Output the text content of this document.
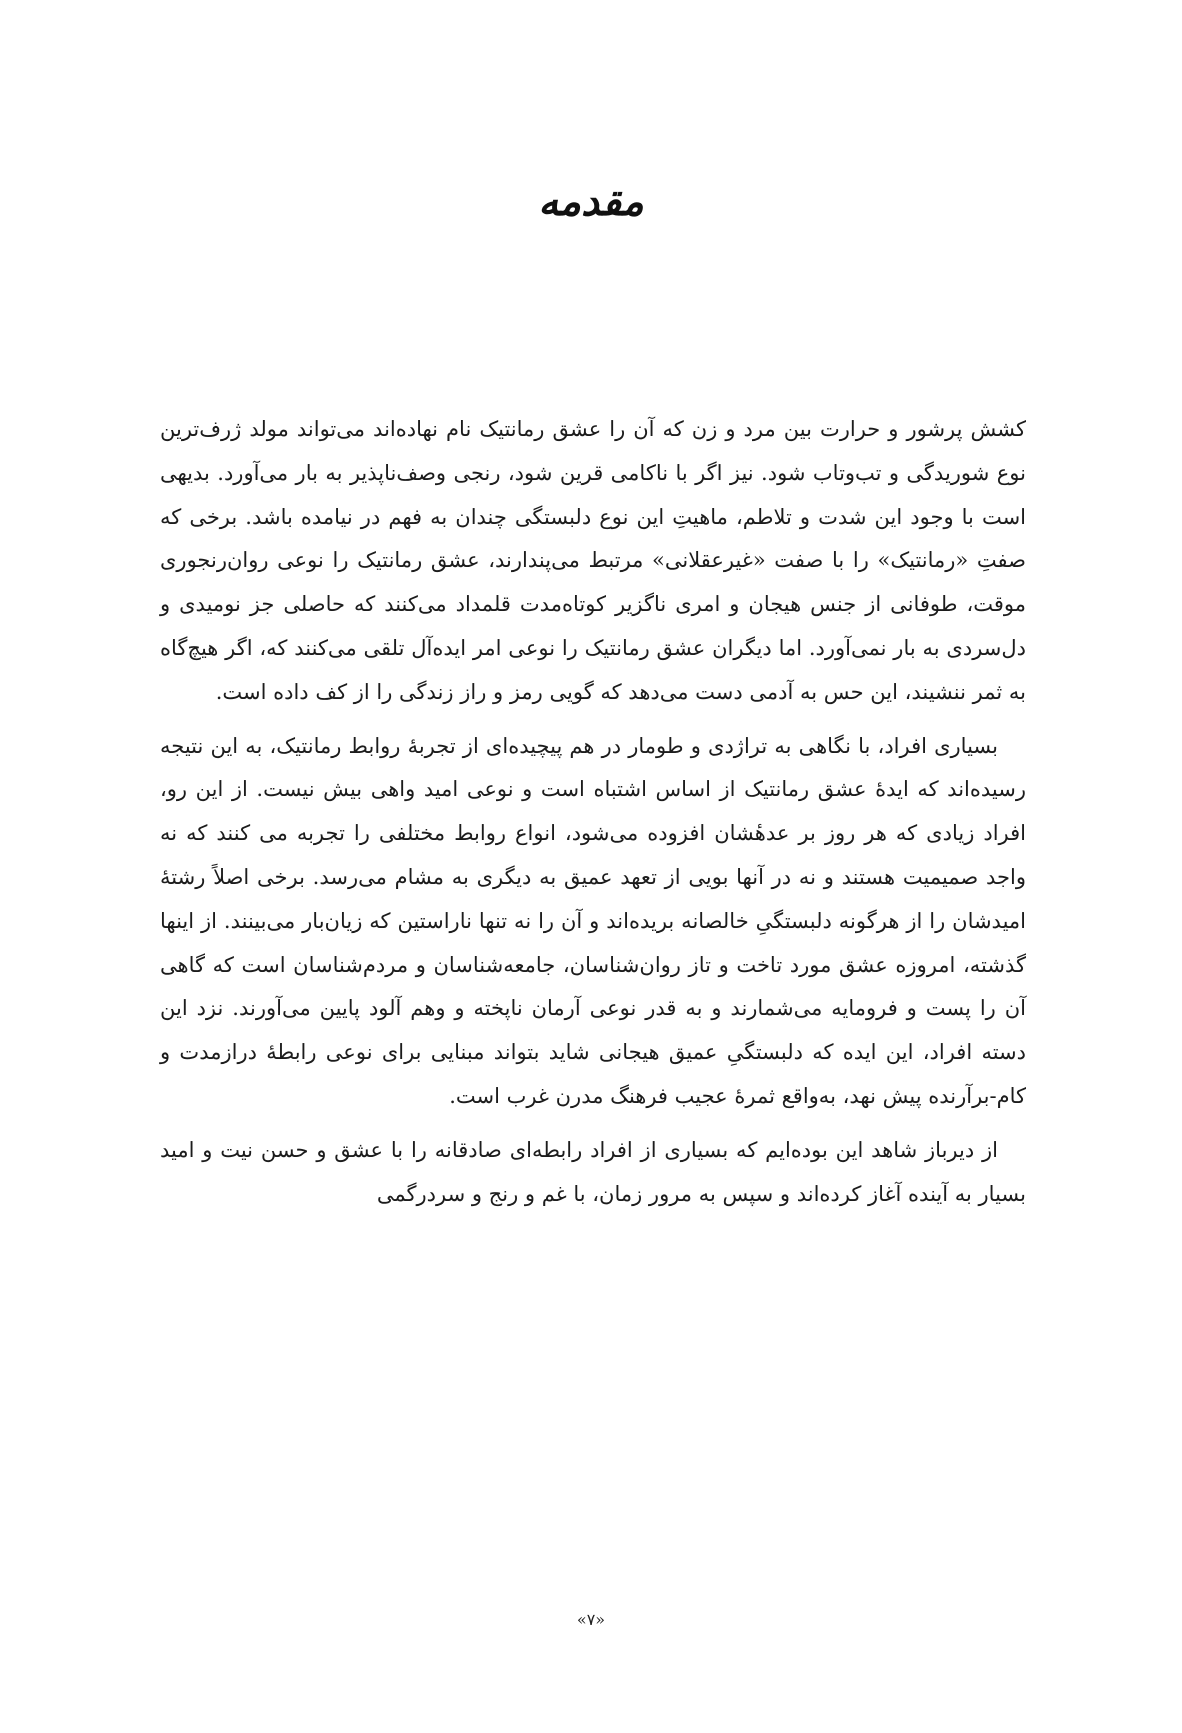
مقدمه

کشش پرشور و حرارت بین مرد و زن که آن را عشق رمانتیک نام نهاده‌اند می‌تواند مولد ژرف‌ترین نوع شوریدگی و تب‌وتاب شود. نیز اگر با ناکامی قرین شود، رنجی وصف‌ناپذیر به بار می‌آورد. بدیهی است با وجود این شدت و تلاطم، ماهیتِ این نوع دلبستگی چندان به فهم در نیامده باشد. برخی که صفتِ «رمانتیک» را با صفت «غیرعقلانی» مرتبط می‌پندارند، عشق رمانتیک را نوعی روان‌رنجوری موقت، طوفانی از جنس هیجان و امری ناگزیر کوتاه‌مدت قلمداد می‌کنند که حاصلی جز نومیدی و دل‌سردی به بار نمی‌آورد. اما دیگران عشق رمانتیک را نوعی امر ایده‌آل تلقی می‌کنند که، اگر هیچ‌گاه به ثمر ننشیند، این حس به آدمی دست می‌دهد که گویی رمز و راز زندگی را از کف داده است.

بسیاری افراد، با نگاهی به تراژدی و طومار در هم پیچیده‌ای از تجربهٔ روابط رمانتیک، به این نتیجه رسیده‌اند که ایدهٔ عشق رمانتیک از اساس اشتباه است و نوعی امید واهی بیش نیست. از این رو، افراد زیادی که هر روز بر عدهٔشان افزوده می‌شود، انواع روابط مختلفی را تجربه می کنند که نه واجد صمیمیت هستند و نه در آنها بویی از تعهد عمیق به دیگری به مشام می‌رسد. برخی اصلاً رشتهٔ امیدشان را از هرگونه دلبستگیِ خالصانه بریده‌اند و آن را نه تنها ناراستین که زیان‌بار می‌بینند. از اینها گذشته، امروزه عشق مورد تاخت و تاز روان‌شناسان، جامعه‌شناسان و مردم‌شناسان است که گاهی آن را پست و فرومایه می‌شمارند و به قدر نوعی آرمان ناپخته و وهم آلود پایین می‌آورند. نزد این دسته افراد، این ایده که دلبستگیِ عمیق هیجانی شاید بتواند مبنایی برای نوعی رابطهٔ درازمدت و کام-برآرنده پیش نهد، به‌واقع ثمرهٔ عجیب فرهنگ مدرن غرب است.

از دیرباز شاهد این بوده‌ایم که بسیاری از افراد رابطه‌ای صادقانه را با عشق و حسن نیت و امید بسیار به آینده آغاز کرده‌اند و سپس به مرور زمان، با غم و رنج و سردرگمی

«۷»
